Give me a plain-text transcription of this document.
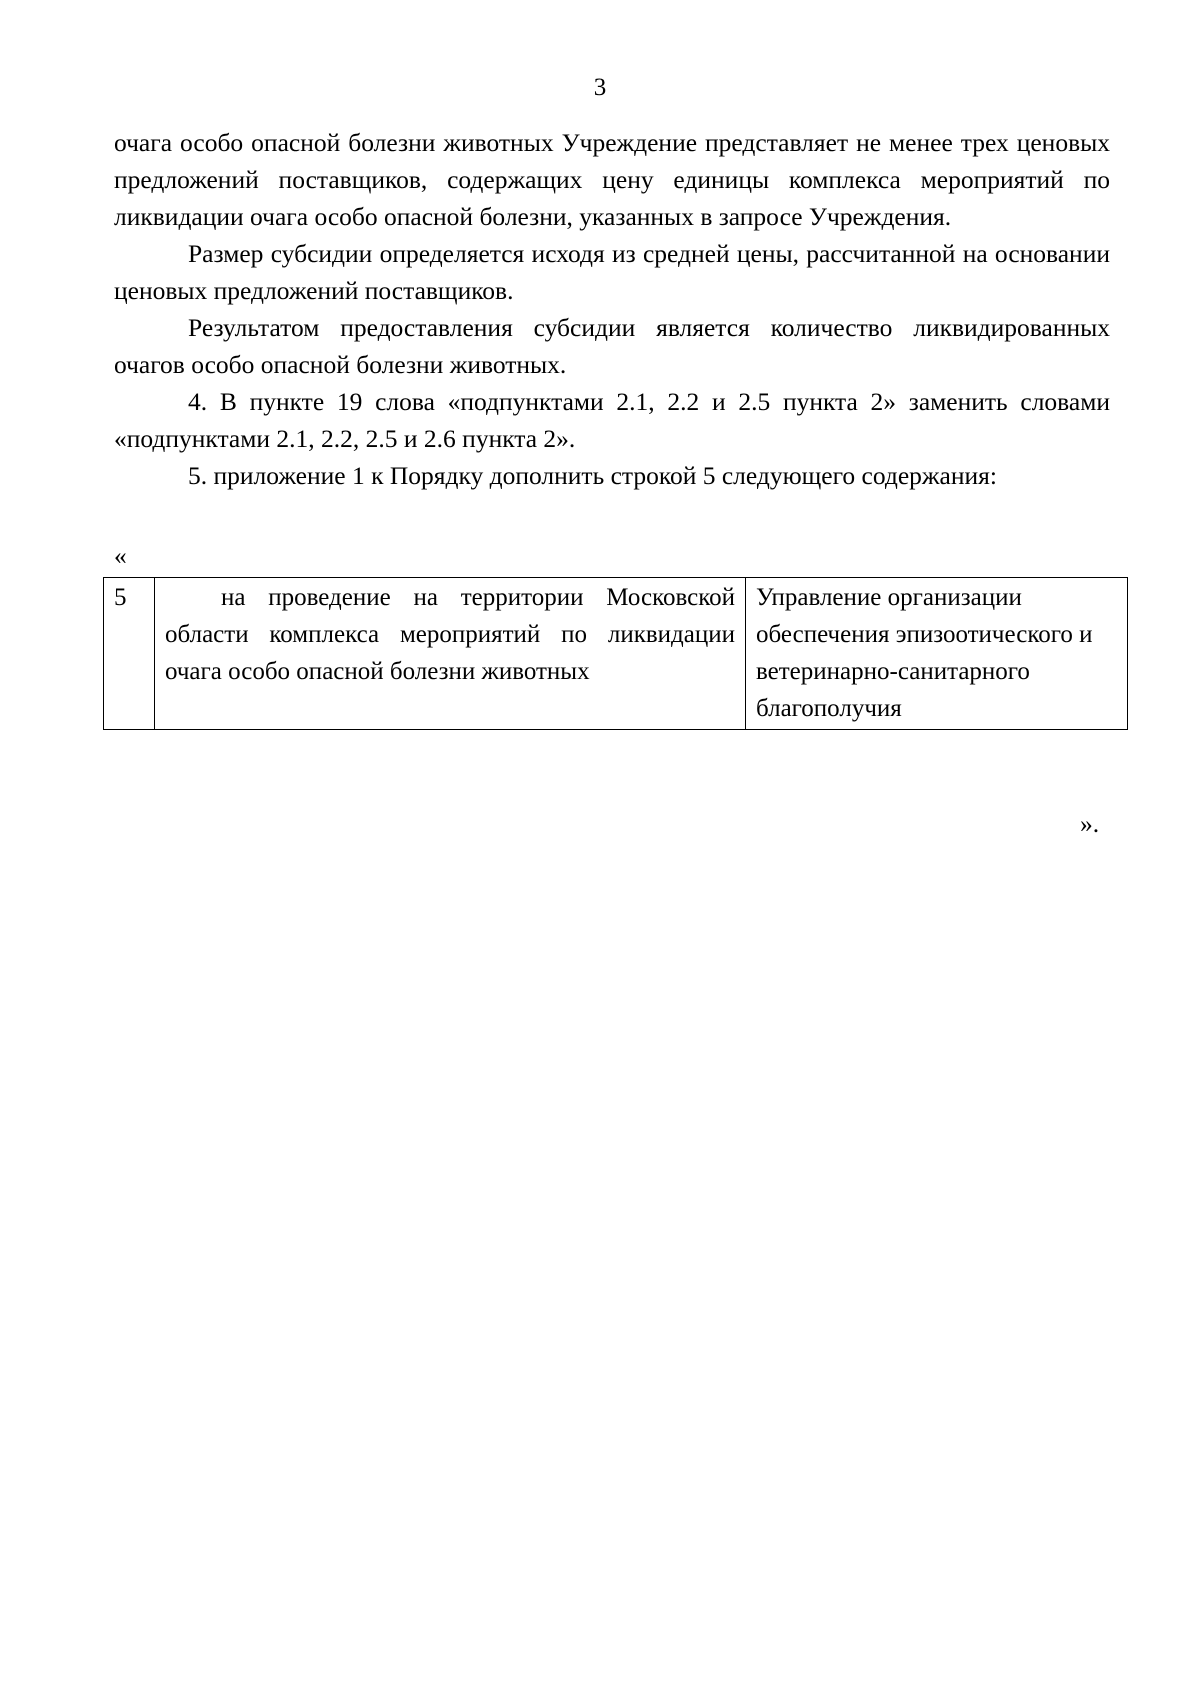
3

очага особо опасной болезни животных Учреждение представляет не менее трех ценовых предложений поставщиков, содержащих цену единицы комплекса мероприятий по ликвидации очага особо опасной болезни, указанных в запросе Учреждения.

Размер субсидии определяется исходя из средней цены, рассчитанной на основании ценовых предложений поставщиков.

Результатом предоставления субсидии является количество ликвидированных очагов особо опасной болезни животных.

4. В пункте 19 слова «подпунктами 2.1, 2.2 и 2.5 пункта 2» заменить словами «подпунктами 2.1, 2.2, 2.5 и 2.6 пункта 2».

5. приложение 1 к Порядку дополнить строкой 5 следующего содержания:

«
5	на проведение на территории Московской области комплекса мероприятий по ликвидации очага особо опасной болезни животных	Управление организации обеспечения эпизоотического и ветеринарно-санитарного благополучия
».
